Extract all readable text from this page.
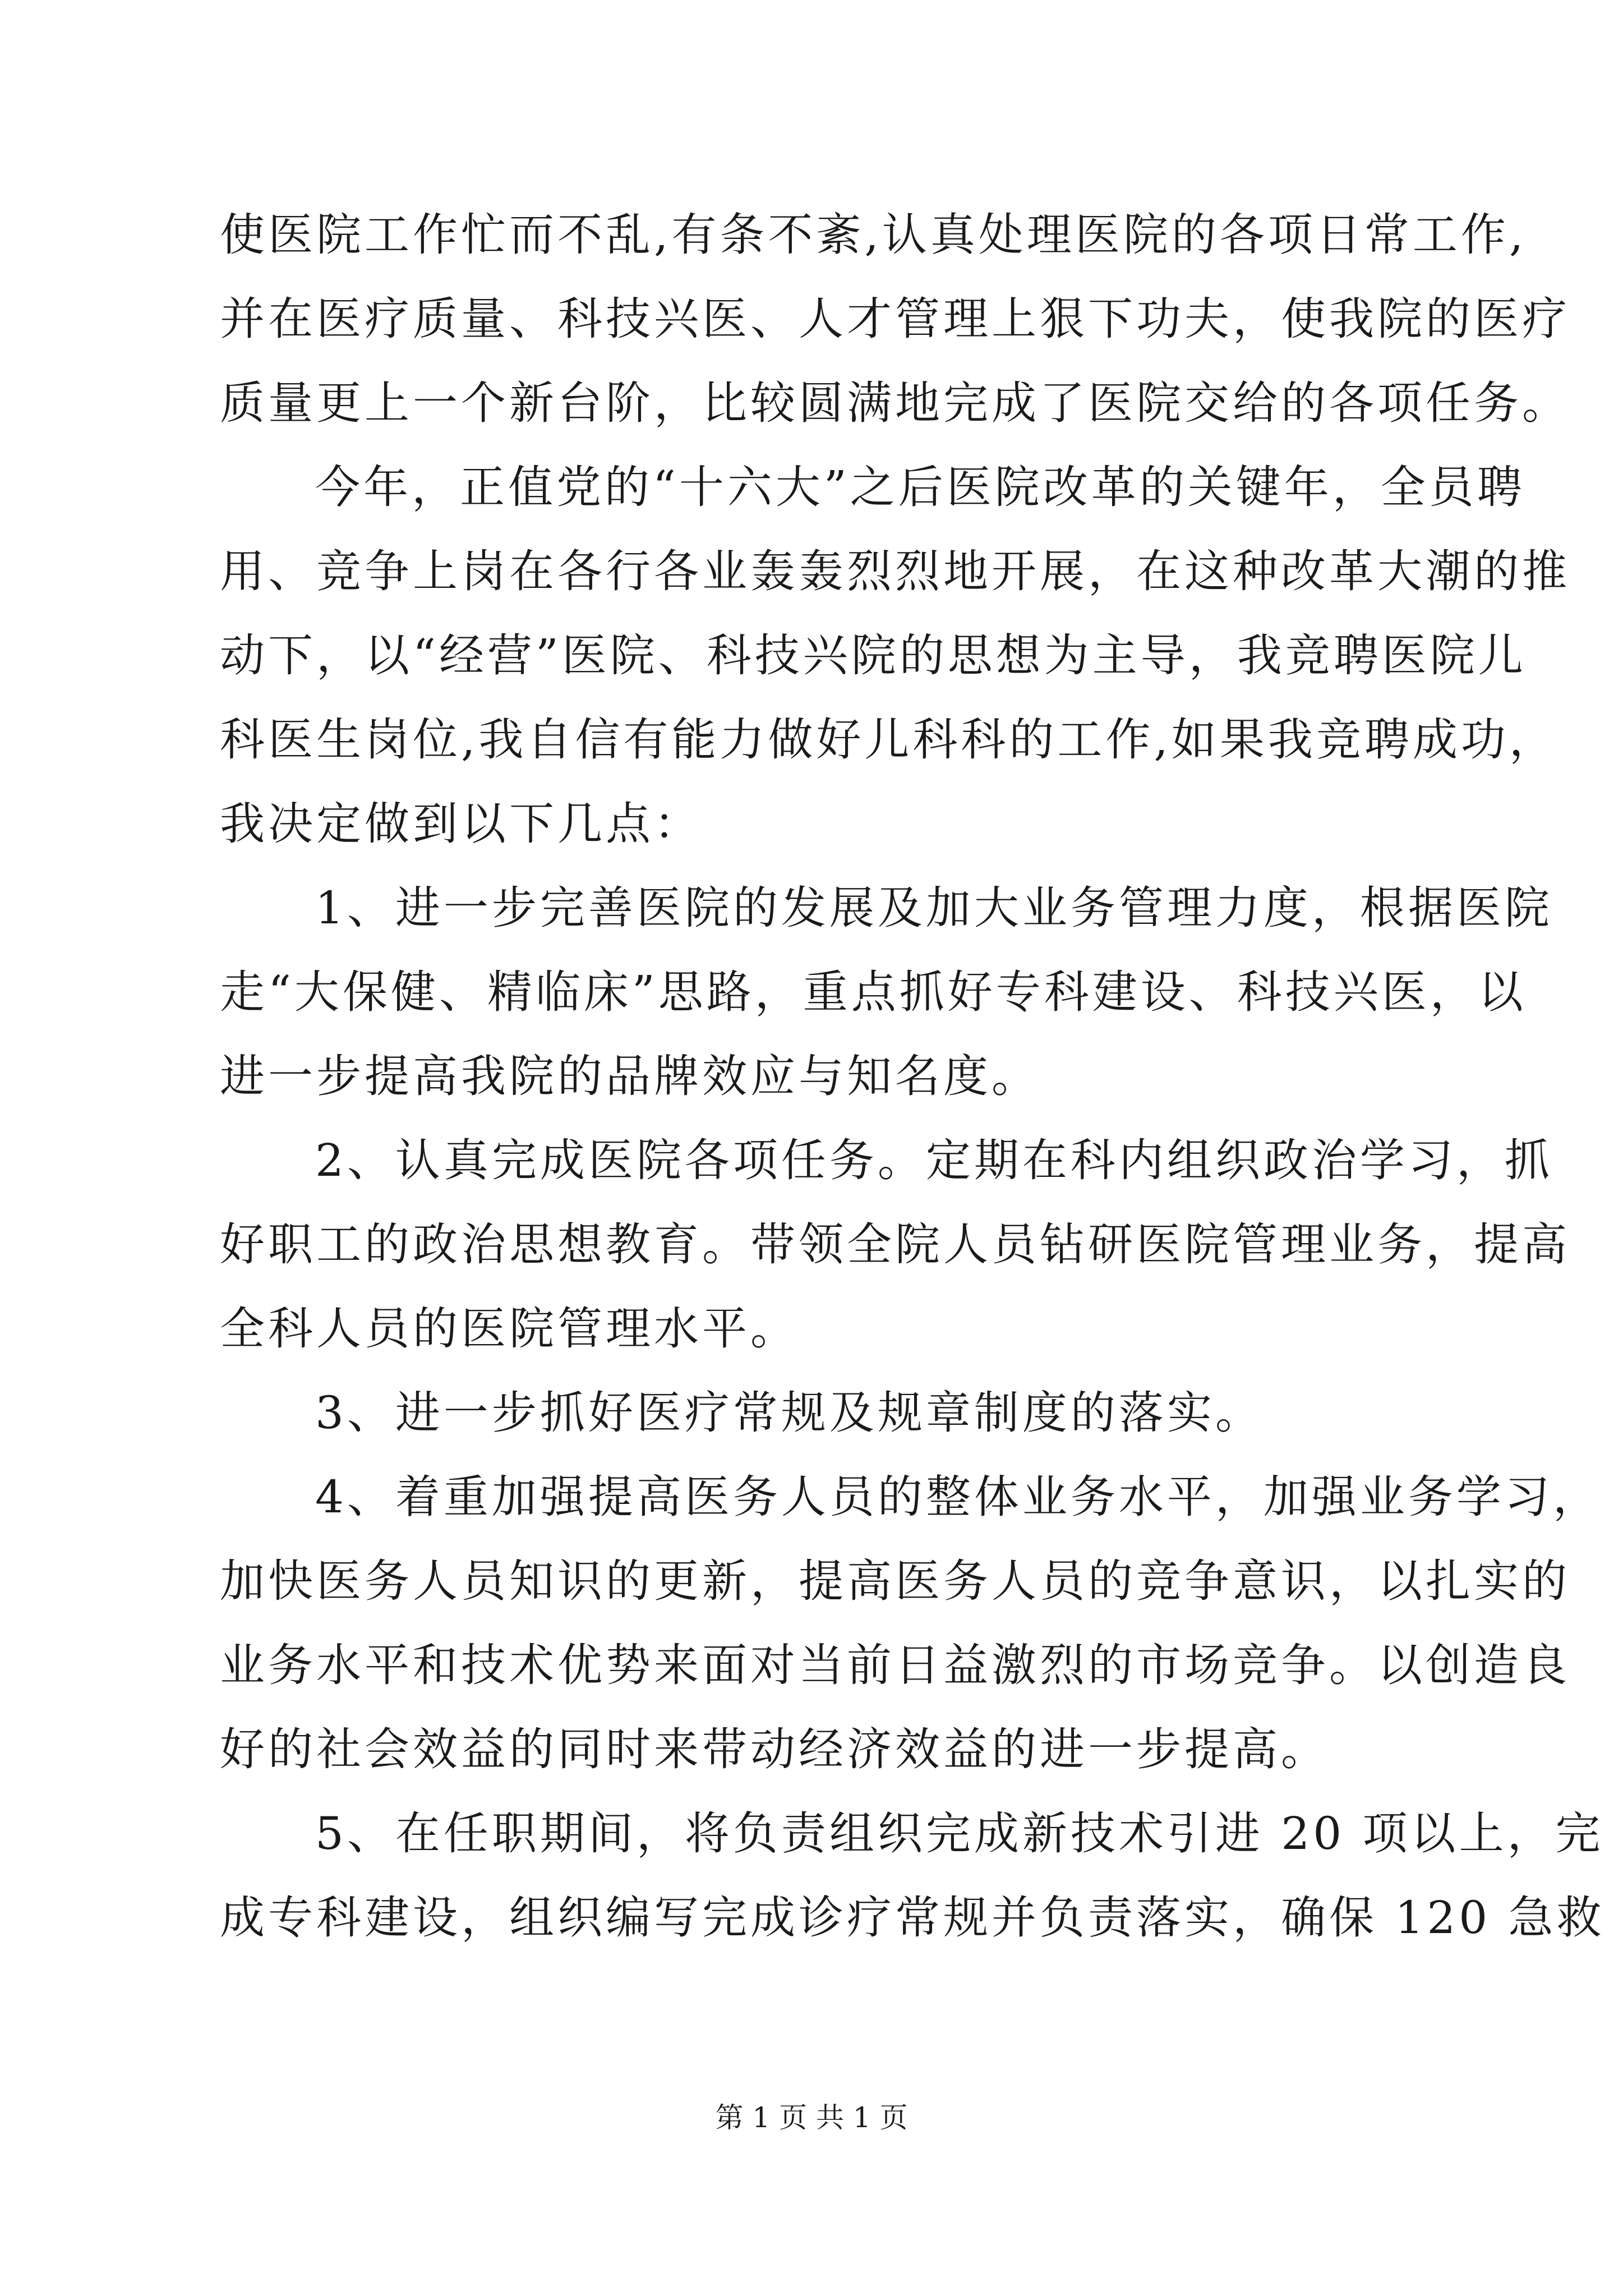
使医院工作忙而不乱,有条不紊,认真处理医院的各项日常工作,
并在医疗质量、科技兴医、人才管理上狠下功夫，使我院的医疗
质量更上一个新台阶，比较圆满地完成了医院交给的各项任务。
今年，正值党的“十六大”之后医院改革的关键年，全员聘
用、竞争上岗在各行各业轰轰烈烈地开展，在这种改革大潮的推
动下，以“经营”医院、科技兴院的思想为主导，我竞聘医院儿
科医生岗位,我自信有能力做好儿科科的工作,如果我竞聘成功，
我决定做到以下几点：
1、进一步完善医院的发展及加大业务管理力度，根据医院
走“大保健、精临床”思路，重点抓好专科建设、科技兴医，以
进一步提高我院的品牌效应与知名度。
2、认真完成医院各项任务。定期在科内组织政治学习，抓
好职工的政治思想教育。带领全院人员钻研医院管理业务，提高
全科人员的医院管理水平。
3、进一步抓好医疗常规及规章制度的落实。
4、着重加强提高医务人员的整体业务水平，加强业务学习，
加快医务人员知识的更新，提高医务人员的竞争意识，以扎实的
业务水平和技术优势来面对当前日益激烈的市场竞争。以创造良
好的社会效益的同时来带动经济效益的进一步提高。
5、在任职期间，将负责组织完成新技术引进 20 项以上，完
成专科建设，组织编写完成诊疗常规并负责落实，确保 120 急救
第 1 页 共 1 页
